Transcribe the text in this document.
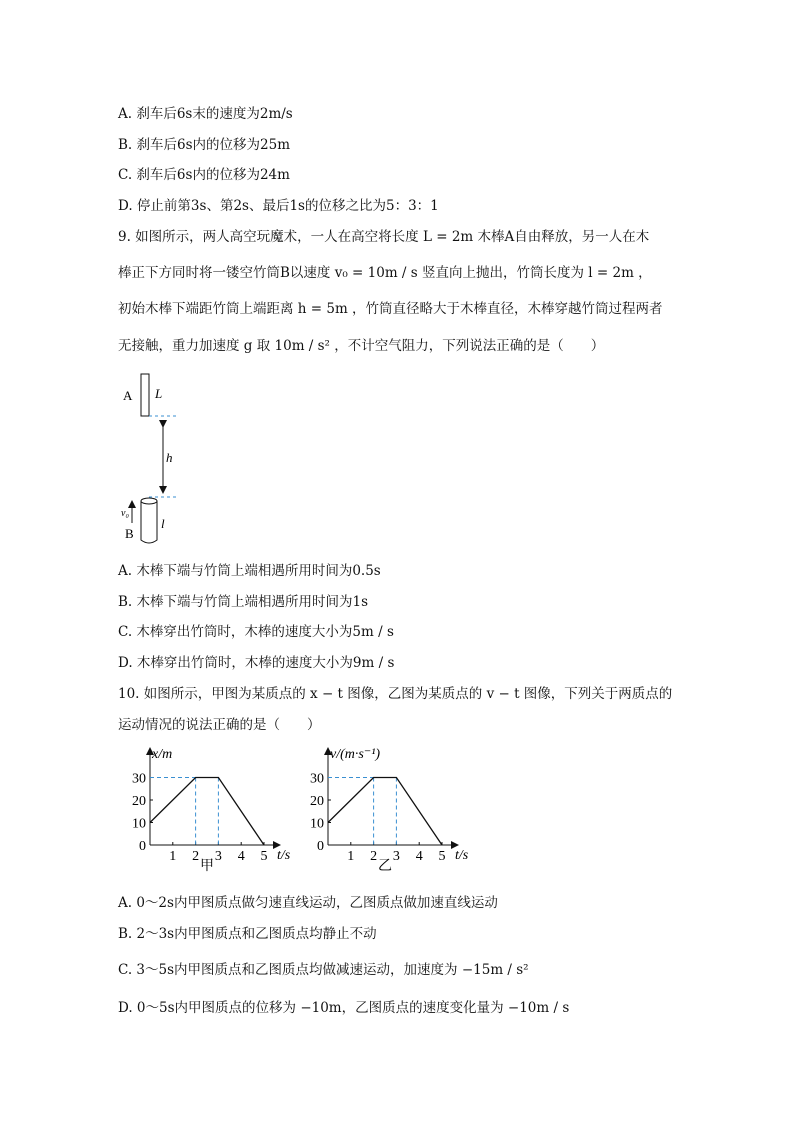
A. 刹车后6s末的速度为2m/s
B. 刹车后6s内的位移为25m
C. 刹车后6s内的位移为24m
D. 停止前第3s、第2s、最后1s的位移之比为5：3：1
9. 如图所示，两人高空玩魔术，一人在高空将长度 L = 2m 木棒A自由释放，另一人在木
棒正下方同时将一镂空竹筒B以速度 v₀ = 10m / s 竖直向上抛出，竹筒长度为 l = 2m ，
初始木棒下端距竹筒上端距离 h = 5m ，竹筒直径略大于木棒直径，木棒穿越竹筒过程两者
无接触，重力加速度 g 取 10m / s² ，不计空气阻力，下列说法正确的是（　　）
A L
h
v₀
B
l
A. 木棒下端与竹筒上端相遇所用时间为0.5s
B. 木棒下端与竹筒上端相遇所用时间为1s
C. 木棒穿出竹筒时，木棒的速度大小为5m / s
D. 木棒穿出竹筒时，木棒的速度大小为9m / s
10. 如图所示，甲图为某质点的 x − t 图像，乙图为某质点的 v − t 图像，下列关于两质点的
运动情况的说法正确的是（　　）
x/m
t/s
0
10
20
30
1 2 3 4 5
甲
v/(m·s⁻¹)
t/s
0
10
20
30
1 2 3 4 5
乙
A. 0～2s内甲图质点做匀速直线运动，乙图质点做加速直线运动
B. 2～3s内甲图质点和乙图质点均静止不动
C. 3～5s内甲图质点和乙图质点均做减速运动，加速度为 −15m / s²
D. 0～5s内甲图质点的位移为 −10m，乙图质点的速度变化量为 −10m / s
